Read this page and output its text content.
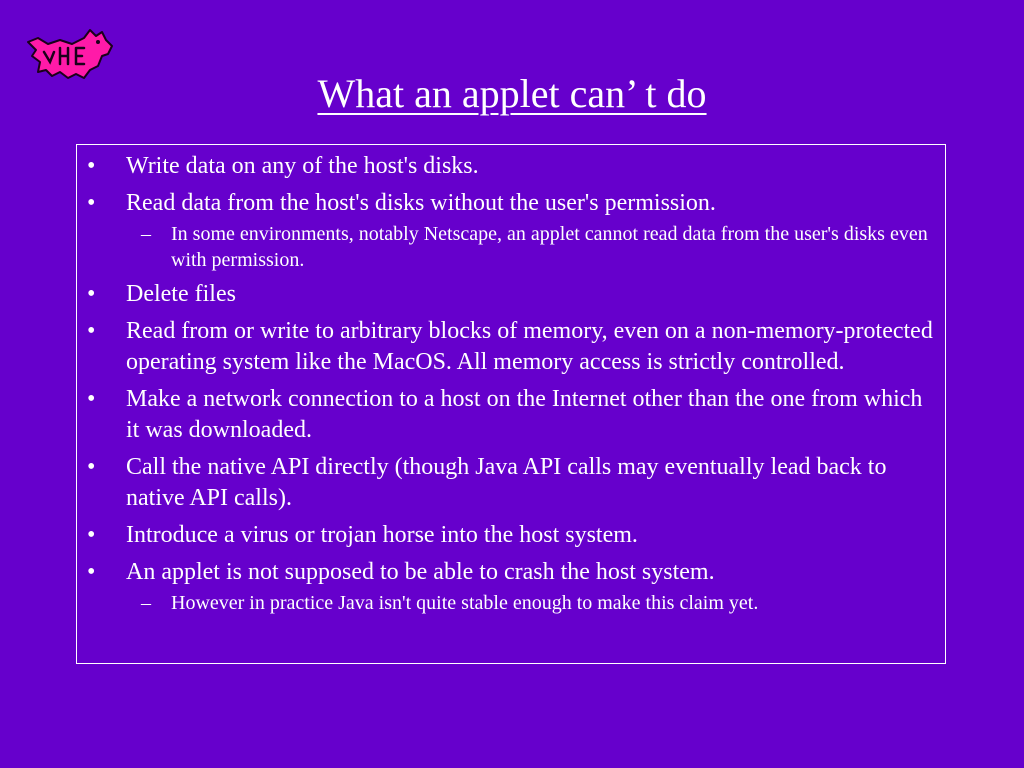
What an applet can’ t do
• Write data on any of the host's disks.
• Read data from the host's disks without the user's permission.
– In some environments, notably Netscape, an applet cannot read data from the user's disks even with permission.
• Delete files
• Read from or write to arbitrary blocks of memory, even on a non-memory-protected operating system like the MacOS. All memory access is strictly controlled.
• Make a network connection to a host on the Internet other than the one from which it was downloaded.
• Call the native API directly (though Java API calls may eventually lead back to native API calls).
• Introduce a virus or trojan horse into the host system.
• An applet is not supposed to be able to crash the host system.
– However in practice Java isn't quite stable enough to make this claim yet.
